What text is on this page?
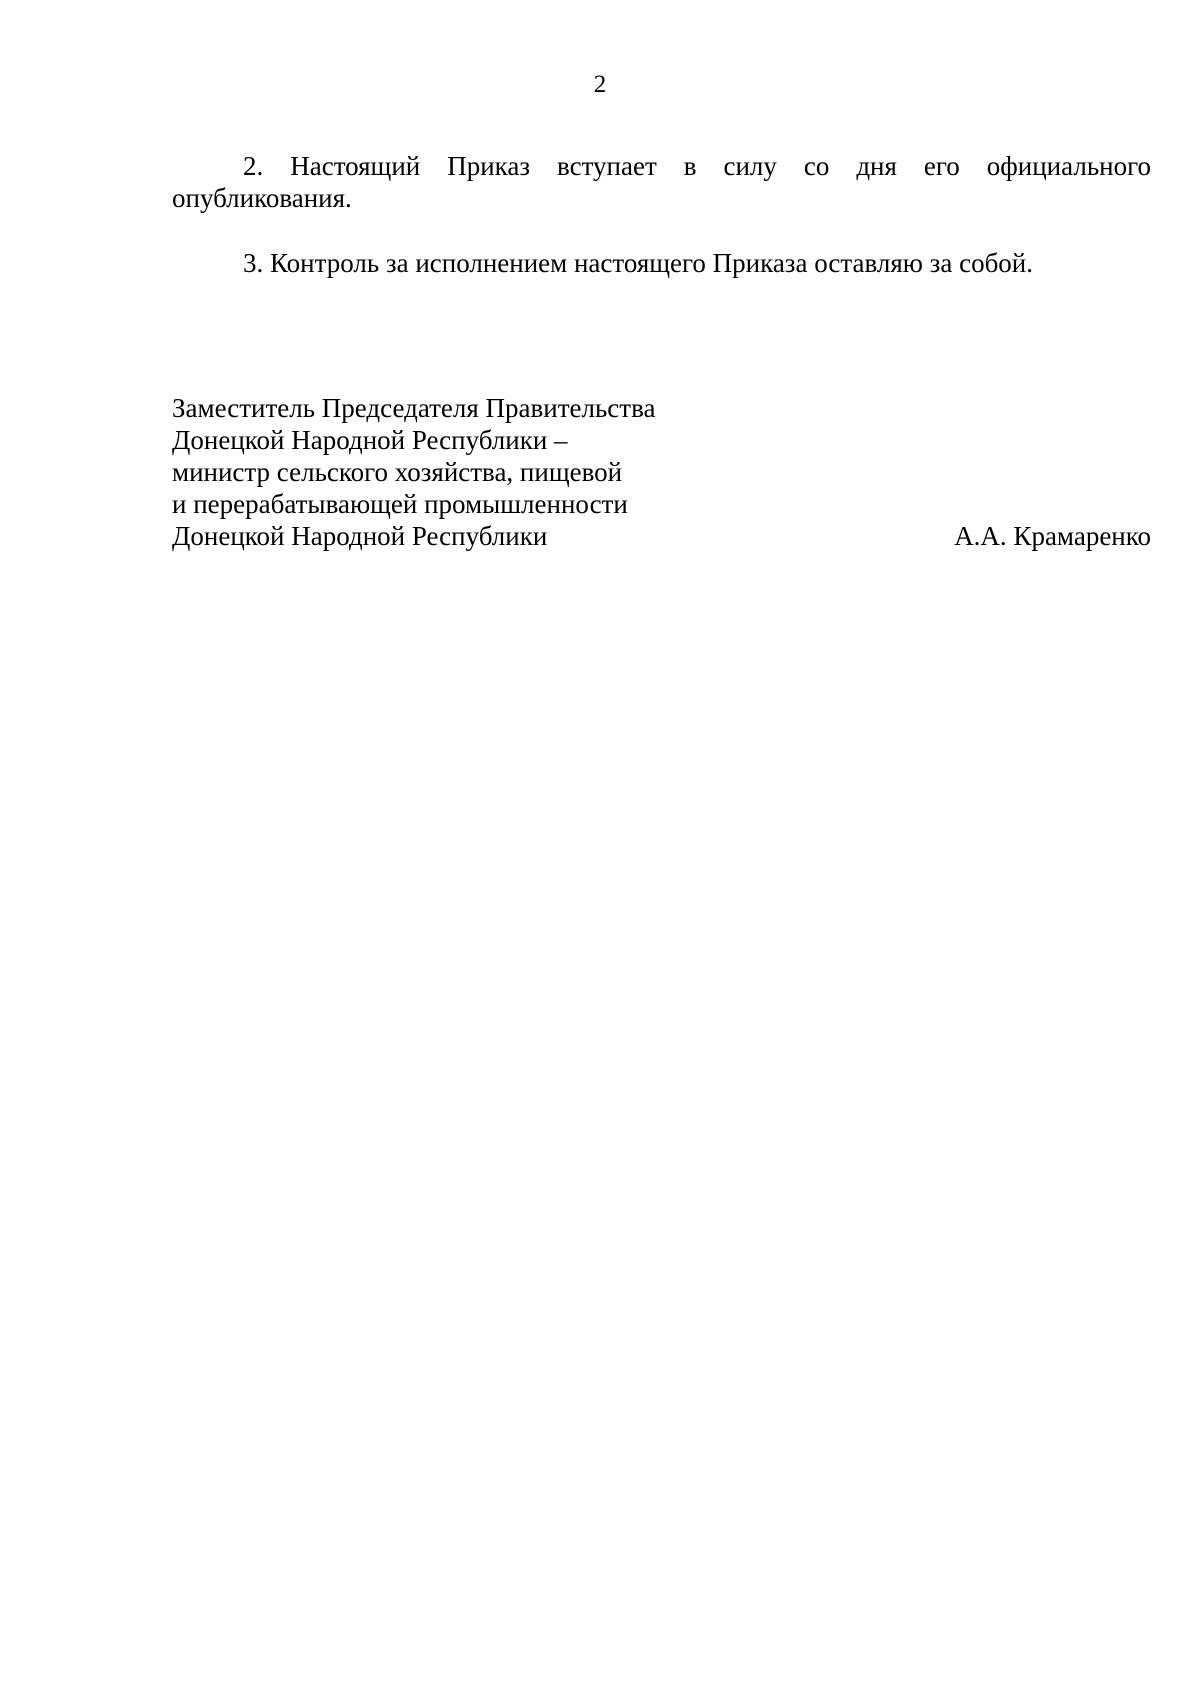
2

2. Настоящий Приказ вступает в силу со дня его официального опубликования.

3. Контроль за исполнением настоящего Приказа оставляю за собой.

Заместитель Председателя Правительства
Донецкой Народной Республики –
министр сельского хозяйства, пищевой
и перерабатывающей промышленности
Донецкой Народной Республики	А.А. Крамаренко
